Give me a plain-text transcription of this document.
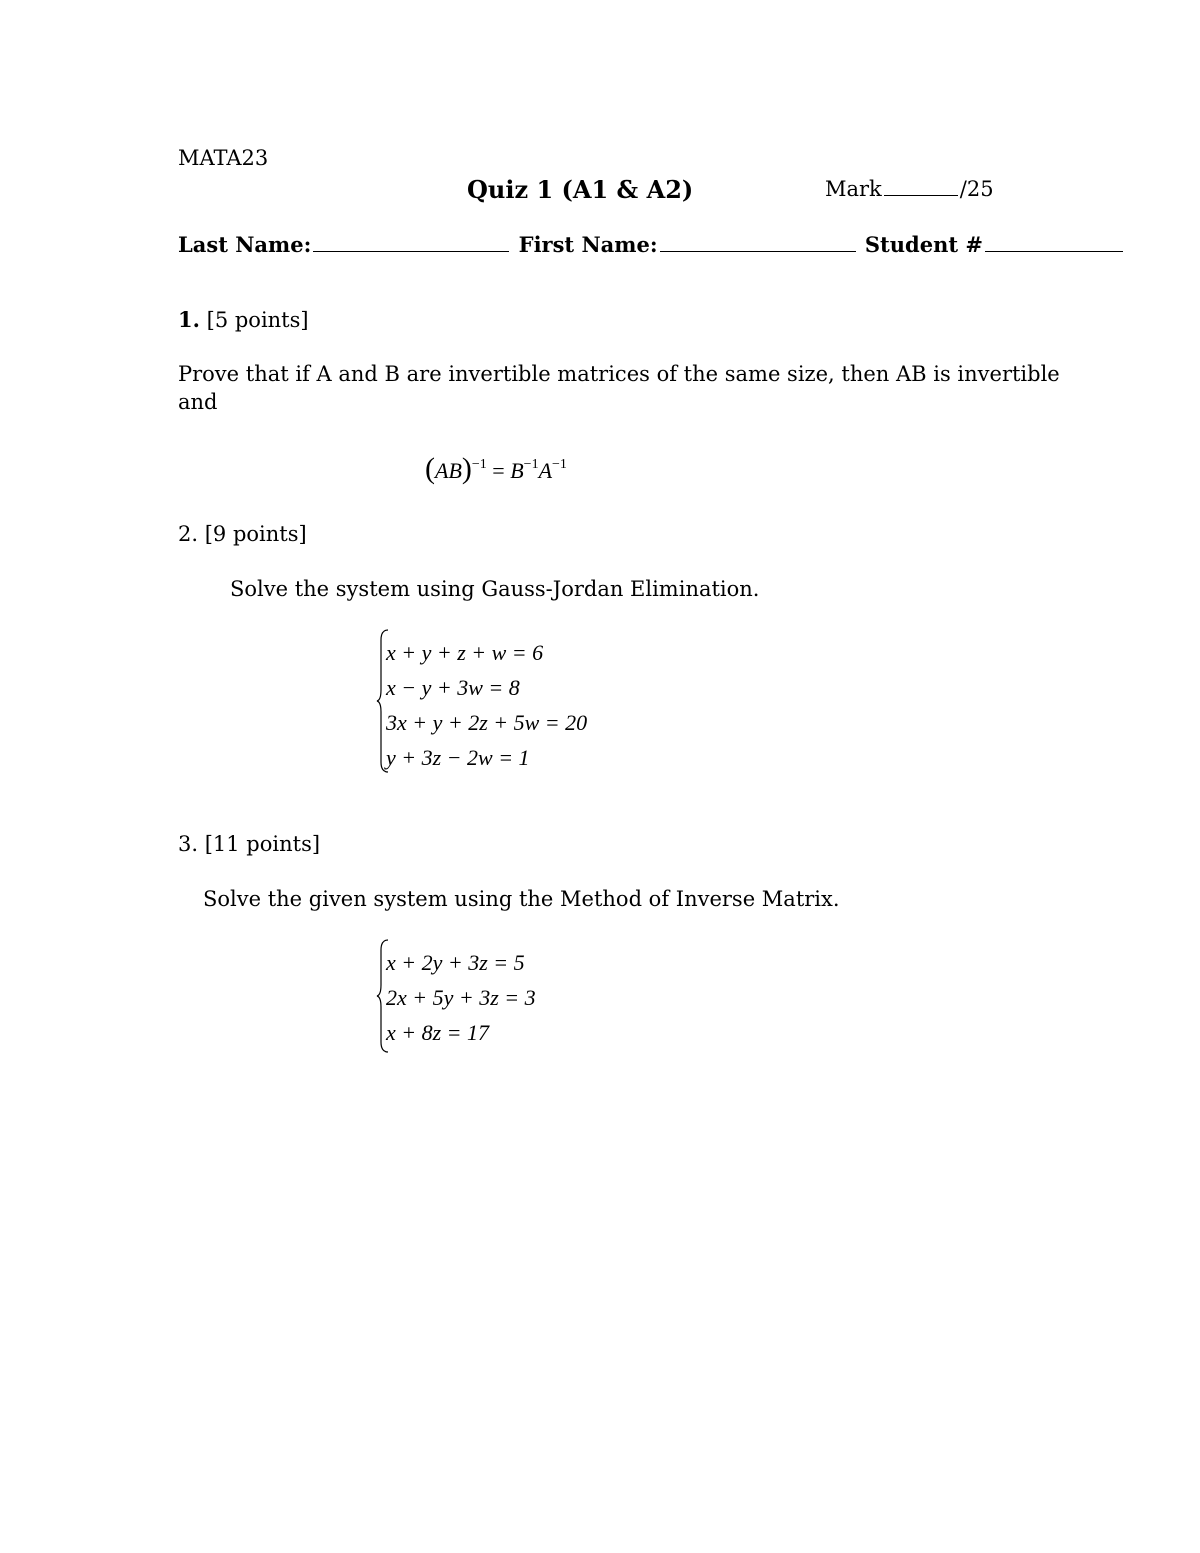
MATA23
Quiz 1 (A1 & A2)	Mark	/25
Last Name:	First Name:	Student #
1. [5 points]
Prove that if A and B are invertible matrices of the same size, then AB is invertible
and
$(AB)^{-1} = B^{-1}A^{-1}$
2. [9 points]
Solve the system using Gauss-Jordan Elimination.
x + y + z + w = 6
x − y + 3w = 8
3x + y + 2z + 5w = 20
y + 3z − 2w = 1
3. [11 points]
Solve the given system using the Method of Inverse Matrix.
x + 2y + 3z = 5
2x + 5y + 3z = 3
x + 8z = 17
